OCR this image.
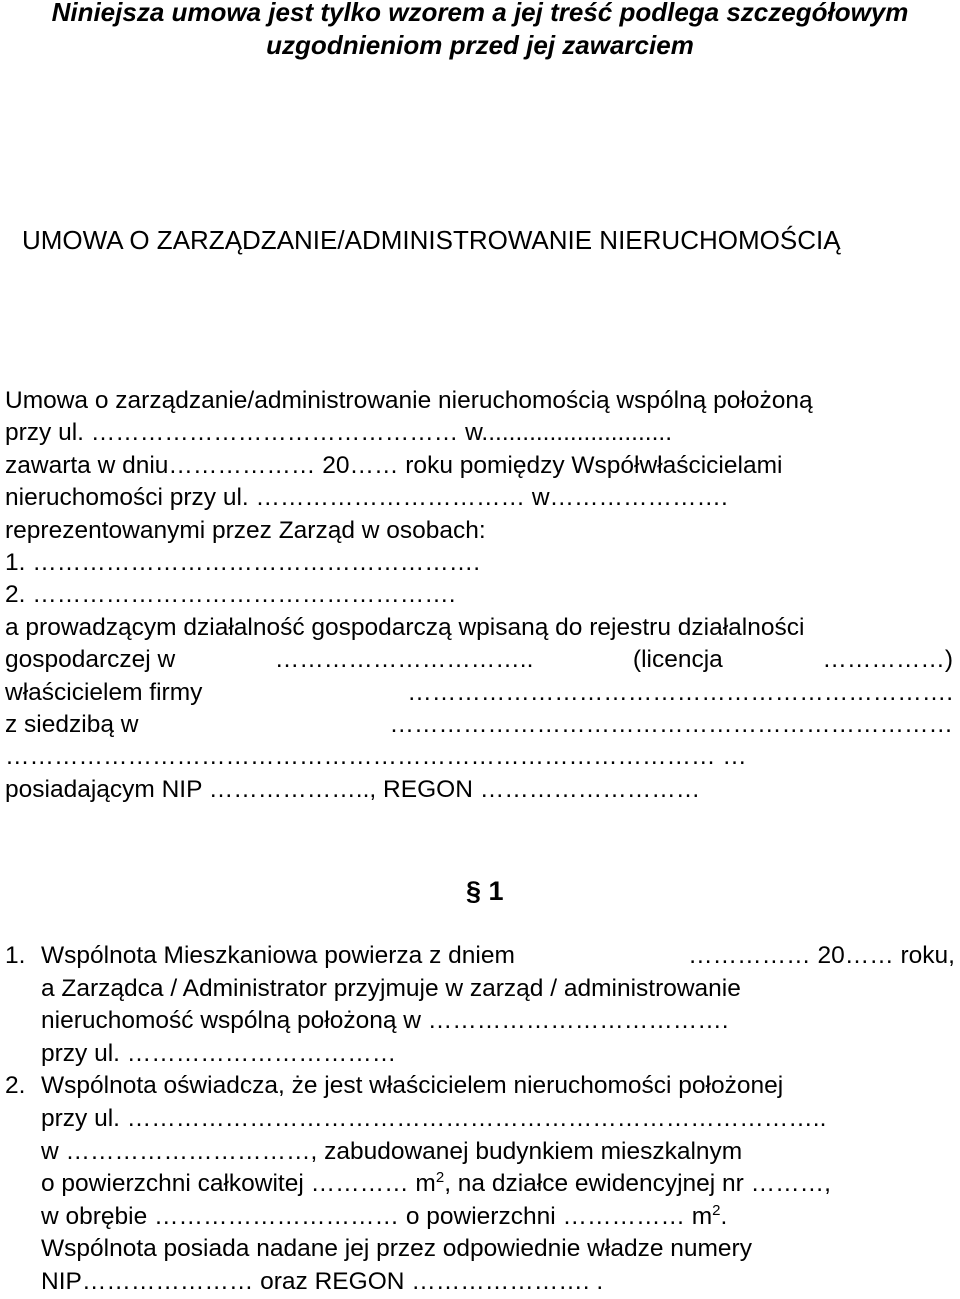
Niniejsza umowa jest tylko wzorem a jej treść podlega szczegółowym
uzgodnieniom przed jej zawarciem
UMOWA O ZARZĄDZANIE/ADMINISTROWANIE NIERUCHOMOŚCIĄ
Umowa o zarządzanie/administrowanie nieruchomością wspólną położoną
przy ul. ……………………………………… w............................
zawarta w dniu……………… 20…… roku pomiędzy Współwłaścicielami
nieruchomości przy ul. …………………………… w………………….
reprezentowanymi przez Zarząd w osobach:
1. ……………………………………………….
2. …………………………………………….
a prowadzącym działalność gospodarczą wpisaną do rejestru działalności
gospodarczej w	…………………………..	(licencja	……………)
właścicielem firmy	………………………………………………………….
z siedzibą w	……………………………………………………………
…………………………………………………………………………… …
posiadającym NIP ……………….., REGON ………………………
§ 1
1. Wspólnota Mieszkaniowa powierza z dniem	…………… 20…… roku,
a Zarządca / Administrator przyjmuje w zarząd / administrowanie
nieruchomość wspólną położoną w ……………………………….
przy ul. ……………………………
2. Wspólnota oświadcza, że jest właścicielem nieruchomości położonej
przy ul. …………………………………………………………………………..
w …………………………, zabudowanej budynkiem mieszkalnym
o powierzchni całkowitej ………… $m^2$, na działce ewidencyjnej nr ………,
w obrębie ………………………… o powierzchni …………… $m^2$.
Wspólnota posiada nadane jej przez odpowiednie władze numery
NIP………………… oraz REGON …………………. .
